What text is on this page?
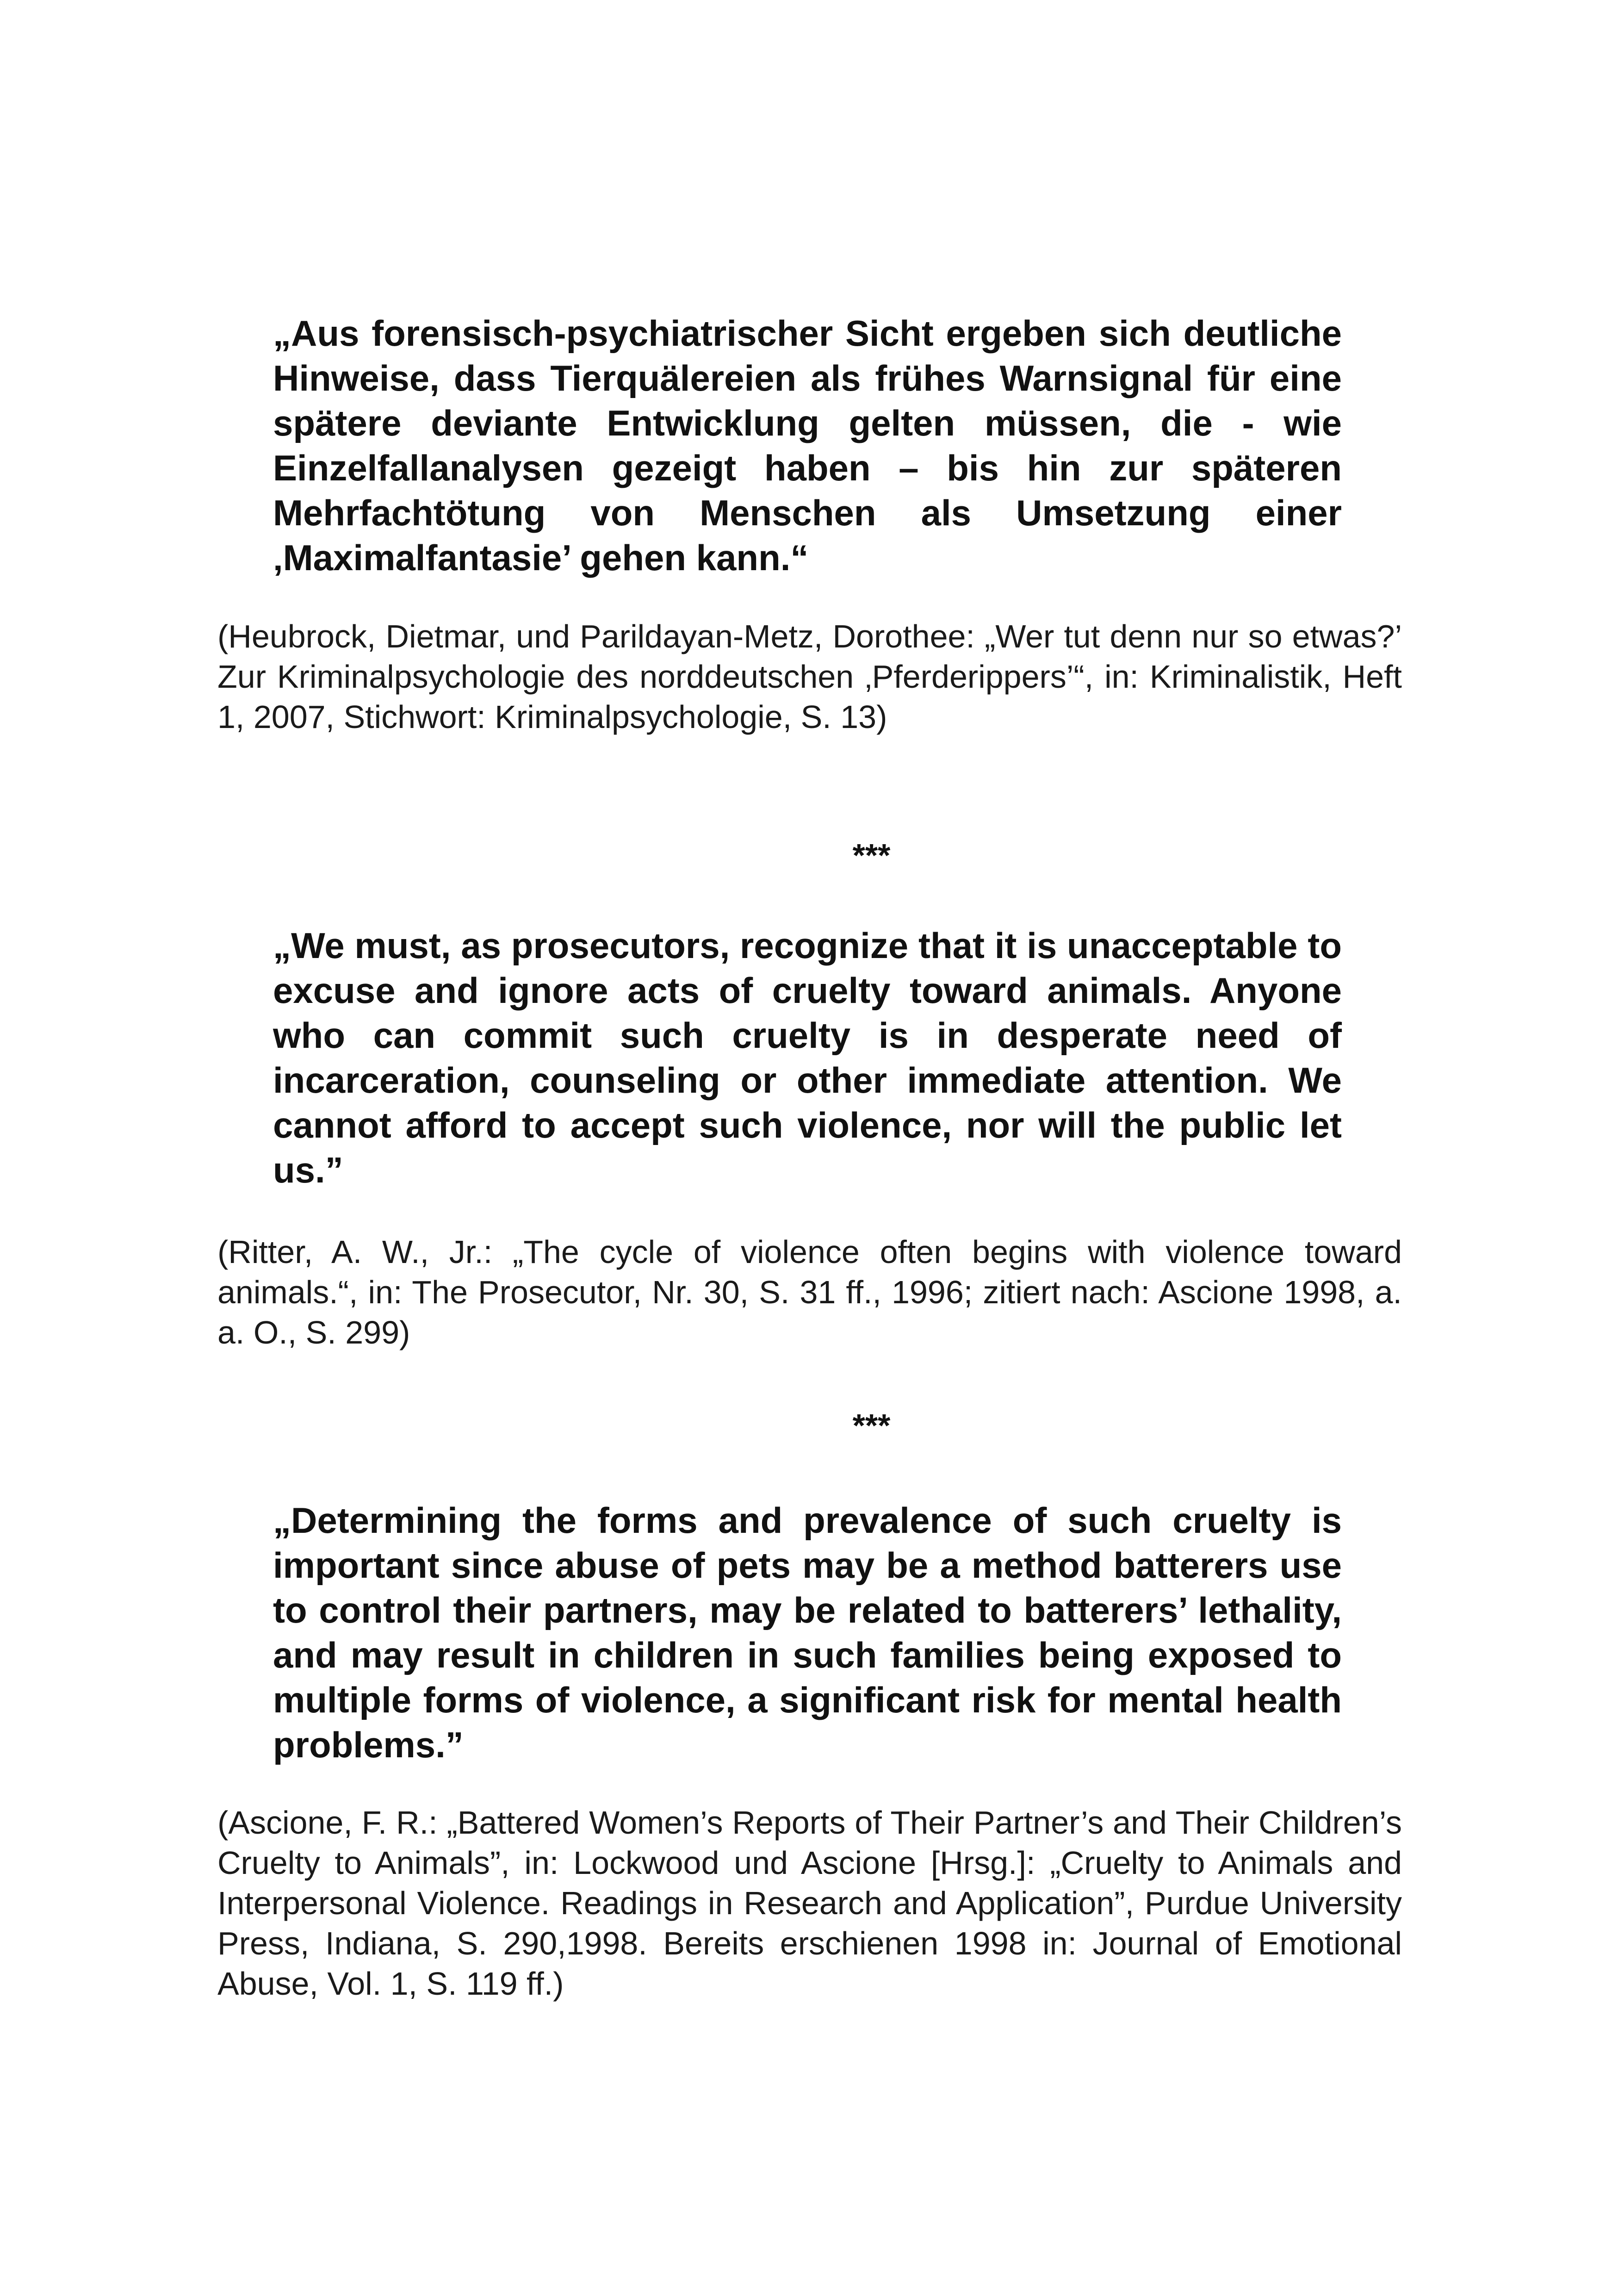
„Aus forensisch-psychiatrischer Sicht ergeben sich deutliche Hinweise, dass Tierquälereien als frühes Warnsignal für eine spätere deviante Entwicklung gelten müssen, die - wie Einzelfallanalysen gezeigt haben – bis hin zur späteren Mehrfachtötung von Menschen als Umsetzung einer ‚Maximalfantasie’ gehen kann.“

(Heubrock, Dietmar, und Parildayan-Metz, Dorothee: „Wer tut denn nur so etwas?’ Zur Kriminalpsychologie des norddeutschen ‚Pferderippers’“, in: Kriminalistik, Heft 1, 2007, Stichwort: Kriminalpsychologie, S. 13)

***

„We must, as prosecutors, recognize that it is unacceptable to excuse and ignore acts of cruelty toward animals. Anyone who can commit such cruelty is in desperate need of incarceration, counseling or other immediate attention. We cannot afford to accept such violence, nor will the public let us.”

(Ritter, A. W., Jr.: „The cycle of violence often begins with violence toward animals.“, in: The Prosecutor, Nr. 30, S. 31 ff., 1996; zitiert nach: Ascione 1998, a. a. O., S. 299)

***

„Determining the forms and prevalence of such cruelty is important since abuse of pets may be a method batterers use to control their partners, may be related to batterers’ lethality, and may result in children in such families being exposed to multiple forms of violence, a significant risk for mental health problems.”

(Ascione, F. R.: „Battered Women’s Reports of Their Partner’s and Their Children’s Cruelty to Animals”, in: Lockwood und Ascione [Hrsg.]: „Cruelty to Animals and Interpersonal Violence. Readings in Research and Application”, Purdue University Press, Indiana, S. 290,1998. Bereits erschienen 1998 in: Journal of Emotional Abuse, Vol. 1, S. 119 ff.)
